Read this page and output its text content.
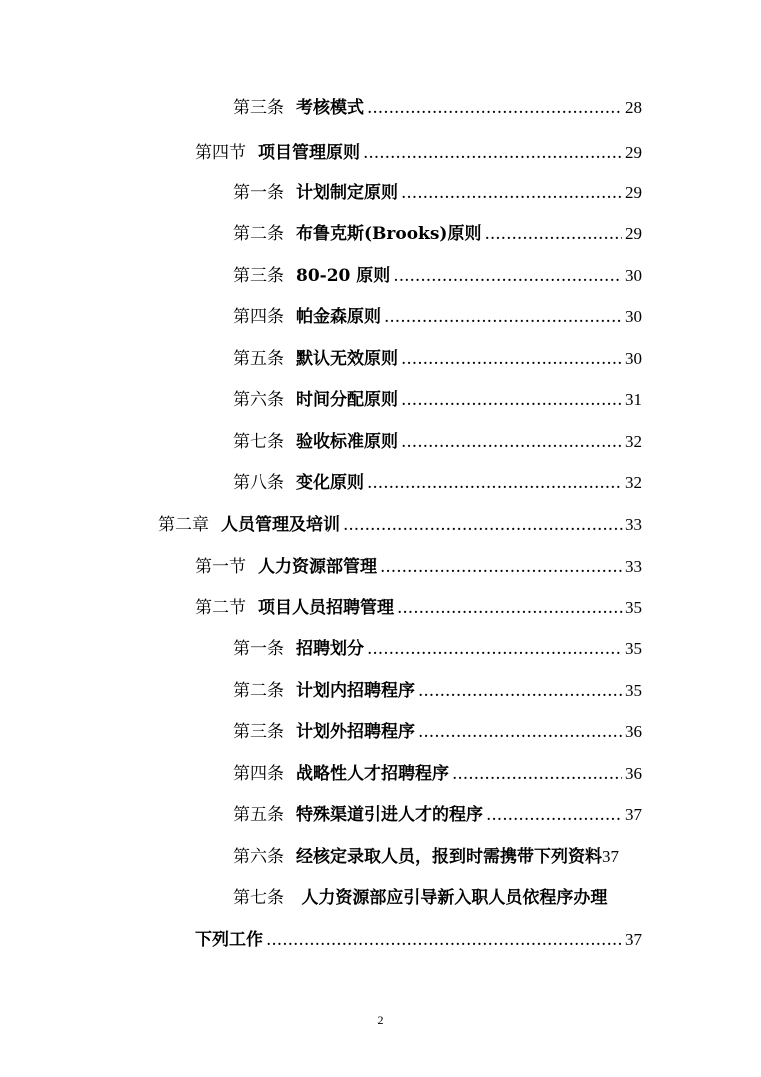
第三条 考核模式 .....	28
第四节 项目管理原则 .....	29
第一条 计划制定原则 .....	29
第二条 布鲁克斯(Brooks)原则 .....	29
第三条 80-20 原则 .....	30
第四条 帕金森原则 .....	30
第五条 默认无效原则 .....	30
第六条 时间分配原则 .....	31
第七条 验收标准原则 .....	32
第八条 变化原则 .....	32
第二章 人员管理及培训 .....	33
第一节 人力资源部管理 .....	33
第二节 项目人员招聘管理 .....	35
第一条 招聘划分 .....	35
第二条 计划内招聘程序 .....	35
第三条 计划外招聘程序 .....	36
第四条 战略性人才招聘程序 .....	36
第五条 特殊渠道引进人才的程序 .....	37
第六条 经核定录取人员，报到时需携带下列资料 37
第七条 人力资源部应引导新入职人员依程序办理
下列工作 .....	37
2
